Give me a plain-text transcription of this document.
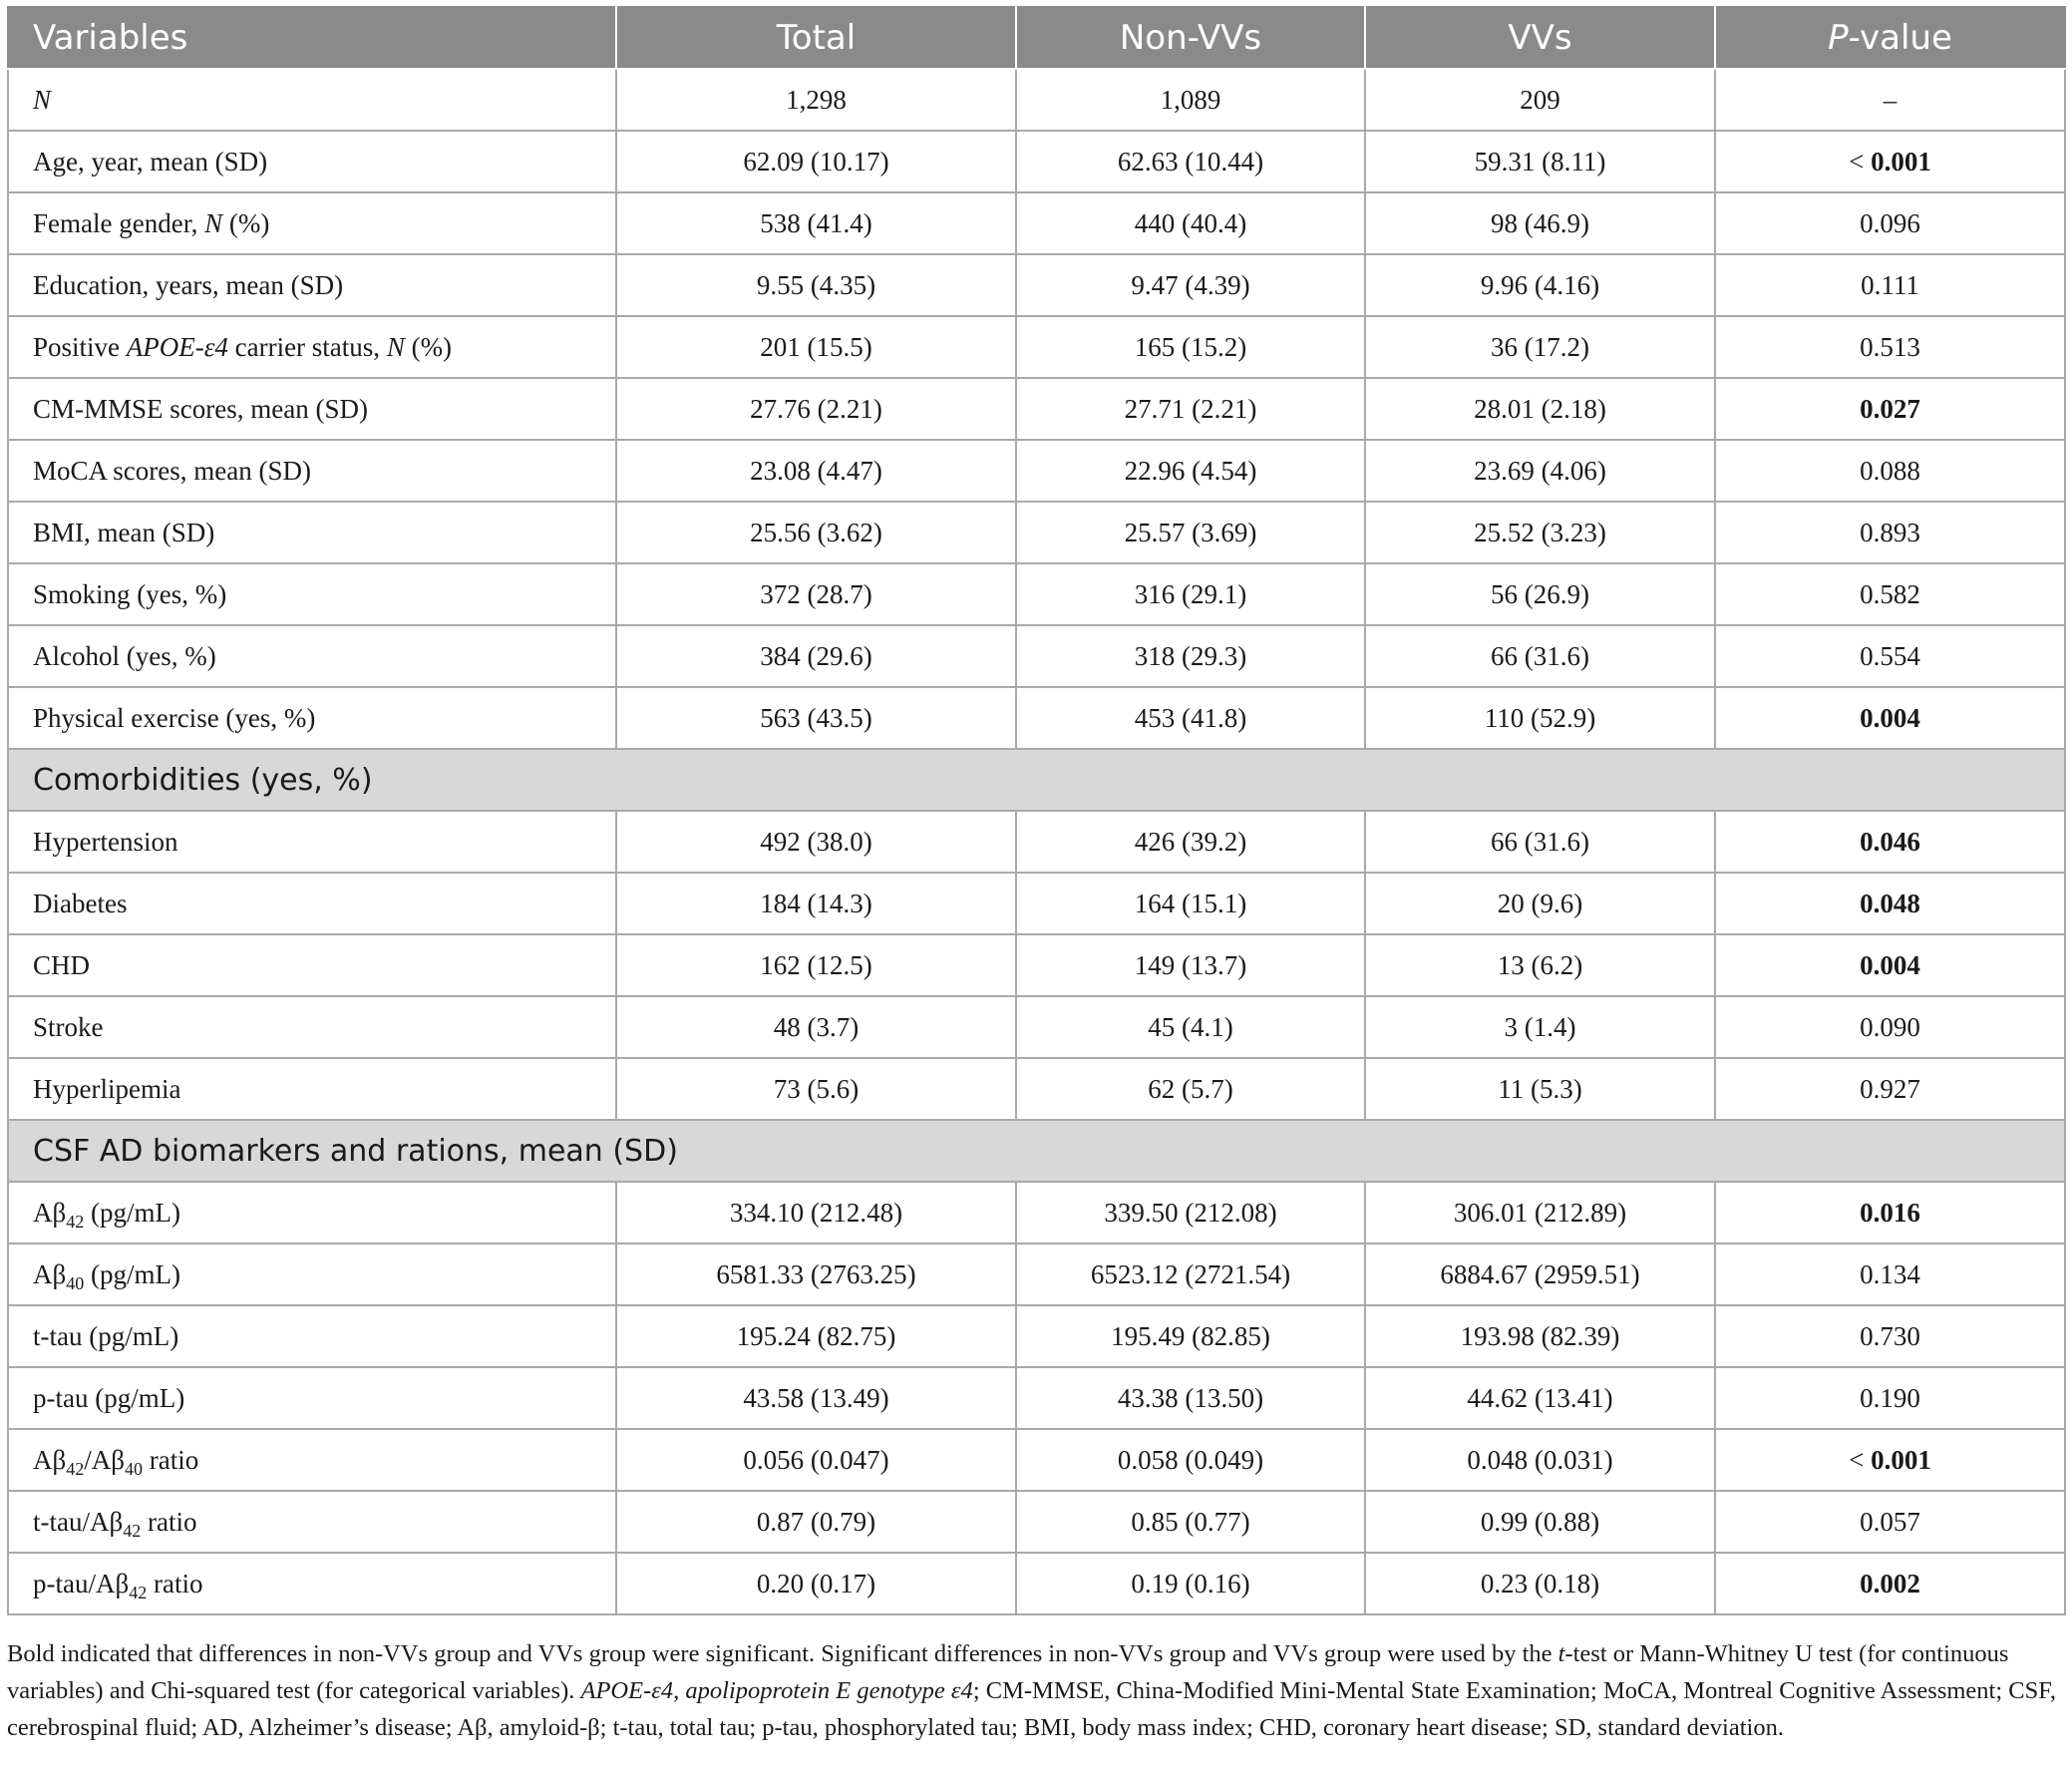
Variables	Total	Non-VVs	VVs	P-value
N	1,298	1,089	209	–
Age, year, mean (SD)	62.09 (10.17)	62.63 (10.44)	59.31 (8.11)	< 0.001
Female gender, N (%)	538 (41.4)	440 (40.4)	98 (46.9)	0.096
Education, years, mean (SD)	9.55 (4.35)	9.47 (4.39)	9.96 (4.16)	0.111
Positive APOE-ε4 carrier status, N (%)	201 (15.5)	165 (15.2)	36 (17.2)	0.513
CM-MMSE scores, mean (SD)	27.76 (2.21)	27.71 (2.21)	28.01 (2.18)	0.027
MoCA scores, mean (SD)	23.08 (4.47)	22.96 (4.54)	23.69 (4.06)	0.088
BMI, mean (SD)	25.56 (3.62)	25.57 (3.69)	25.52 (3.23)	0.893
Smoking (yes, %)	372 (28.7)	316 (29.1)	56 (26.9)	0.582
Alcohol (yes, %)	384 (29.6)	318 (29.3)	66 (31.6)	0.554
Physical exercise (yes, %)	563 (43.5)	453 (41.8)	110 (52.9)	0.004
Comorbidities (yes, %)				
Hypertension	492 (38.0)	426 (39.2)	66 (31.6)	0.046
Diabetes	184 (14.3)	164 (15.1)	20 (9.6)	0.048
CHD	162 (12.5)	149 (13.7)	13 (6.2)	0.004
Stroke	48 (3.7)	45 (4.1)	3 (1.4)	0.090
Hyperlipemia	73 (5.6)	62 (5.7)	11 (5.3)	0.927
CSF AD biomarkers and rations, mean (SD)				
$A\beta_{42}$ (pg/mL)	334.10 (212.48)	339.50 (212.08)	306.01 (212.89)	0.016
$A\beta_{40}$ (pg/mL)	6581.33 (2763.25)	6523.12 (2721.54)	6884.67 (2959.51)	0.134
t-tau (pg/mL)	195.24 (82.75)	195.49 (82.85)	193.98 (82.39)	0.730
p-tau (pg/mL)	43.58 (13.49)	43.38 (13.50)	44.62 (13.41)	0.190
$A\beta_{42}/A\beta_{40}$ ratio	0.056 (0.047)	0.058 (0.049)	0.048 (0.031)	< 0.001
$t-tau/A\beta_{42}$ ratio	0.87 (0.79)	0.85 (0.77)	0.99 (0.88)	0.057
$p-tau/A\beta_{42}$ ratio	0.20 (0.17)	0.19 (0.16)	0.23 (0.18)	0.002
Bold indicated that differences in non-VVs group and VVs group were significant. Significant differences in non-VVs group and VVs group were used by the t-test or Mann-Whitney U test (for continuous variables) and Chi-squared test (for categorical variables). APOE-ε4, apolipoprotein E genotype ε4; CM-MMSE, China-Modified Mini-Mental State Examination; MoCA, Montreal Cognitive Assessment; CSF, cerebrospinal fluid; AD, Alzheimer’s disease; Aβ, amyloid-β; t-tau, total tau; p-tau, phosphorylated tau; BMI, body mass index; CHD, coronary heart disease; SD, standard deviation.
